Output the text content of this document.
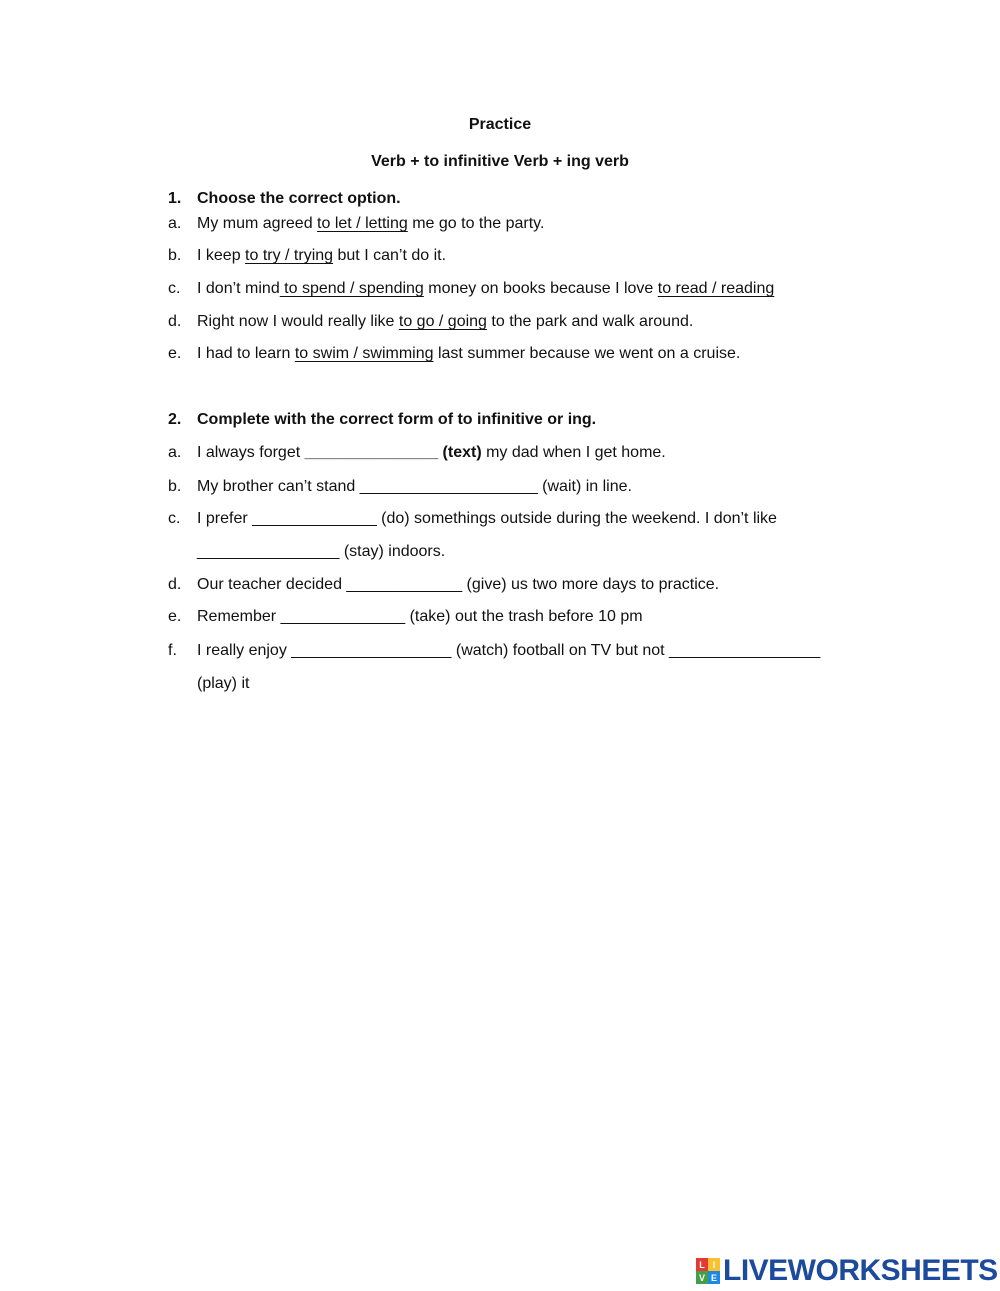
Practice
Verb + to infinitive Verb + ing verb
1. Choose the correct option.
a. My mum agreed to let / letting me go to the party.
b. I keep to try / trying but I can’t do it.
c. I don’t mind to spend / spending money on books because I love to read / reading
d. Right now I would really like to go / going to the park and walk around.
e. I had to learn to swim / swimming last summer because we went on a cruise.
2. Complete with the correct form of to infinitive or ing.
a. I always forget _______________ (text) my dad when I get home.
b. My brother can’t stand ____________________ (wait) in line.
c. I prefer ______________ (do) somethings outside during the weekend. I don’t like
________________ (stay) indoors.
d. Our teacher decided _____________ (give) us two more days to practice.
e. Remember ______________ (take) out the trash before 10 pm
f. I really enjoy __________________ (watch) football on TV but not _________________
(play) it
L I
V E LIVEWORKSHEETS
